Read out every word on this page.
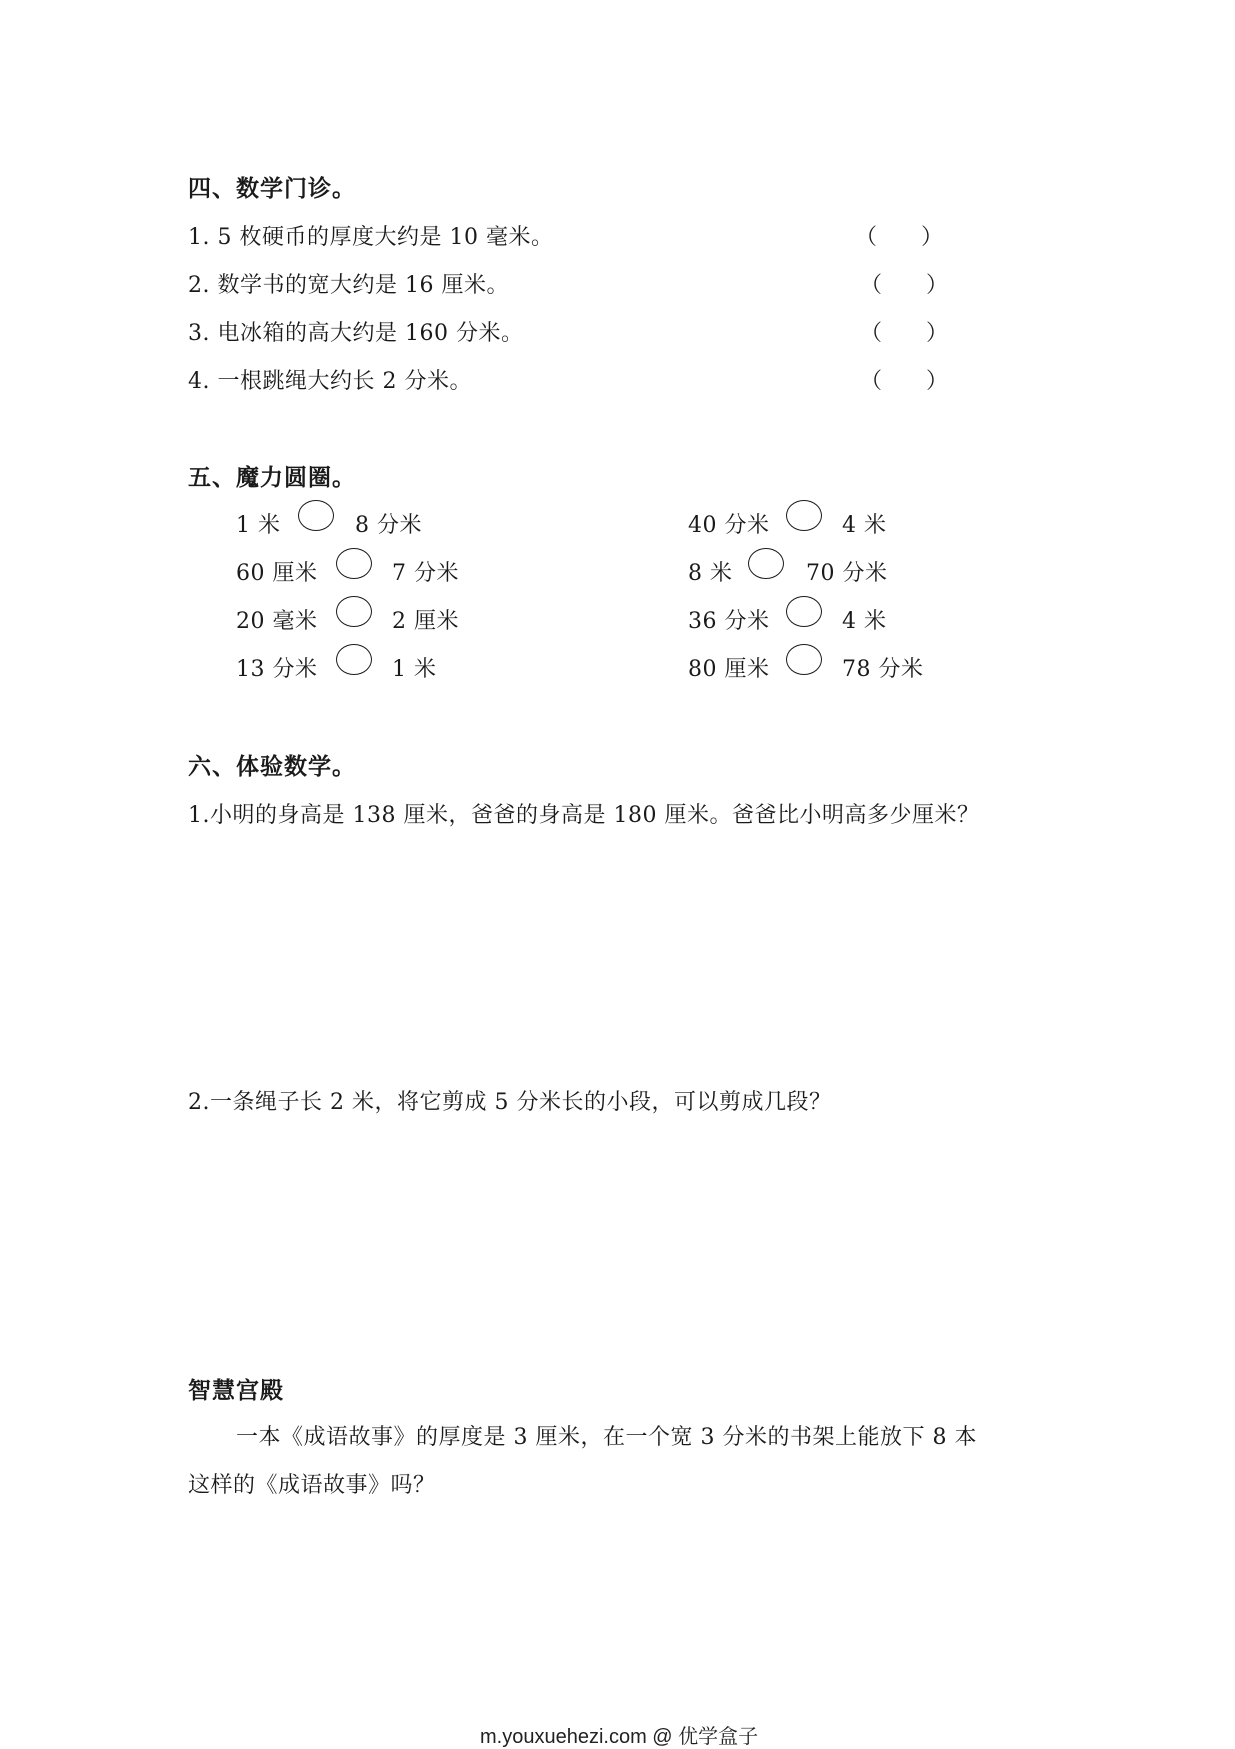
四、数学门诊。
1. 5 枚硬币的厚度大约是 10 毫米。	（　　）
2. 数学书的宽大约是 16 厘米。	（　　）
3. 电冰箱的高大约是 160 分米。	（　　）
4. 一根跳绳大约长 2 分米。	（　　）
五、魔力圆圈。
1 米	8 分米
60 厘米	7 分米
20 毫米	2 厘米
13 分米	1 米
40 分米	4 米
8 米	70 分米
36 分米	4 米
80 厘米	78 分米
六、体验数学。
1.小明的身高是 138 厘米，爸爸的身高是 180 厘米。爸爸比小明高多少厘米？
2.一条绳子长 2 米，将它剪成 5 分米长的小段，可以剪成几段？
智慧宫殿
一本《成语故事》的厚度是 3 厘米，在一个宽 3 分米的书架上能放下 8 本
这样的《成语故事》吗？
m.youxuehezi.com @ 优学盒子
